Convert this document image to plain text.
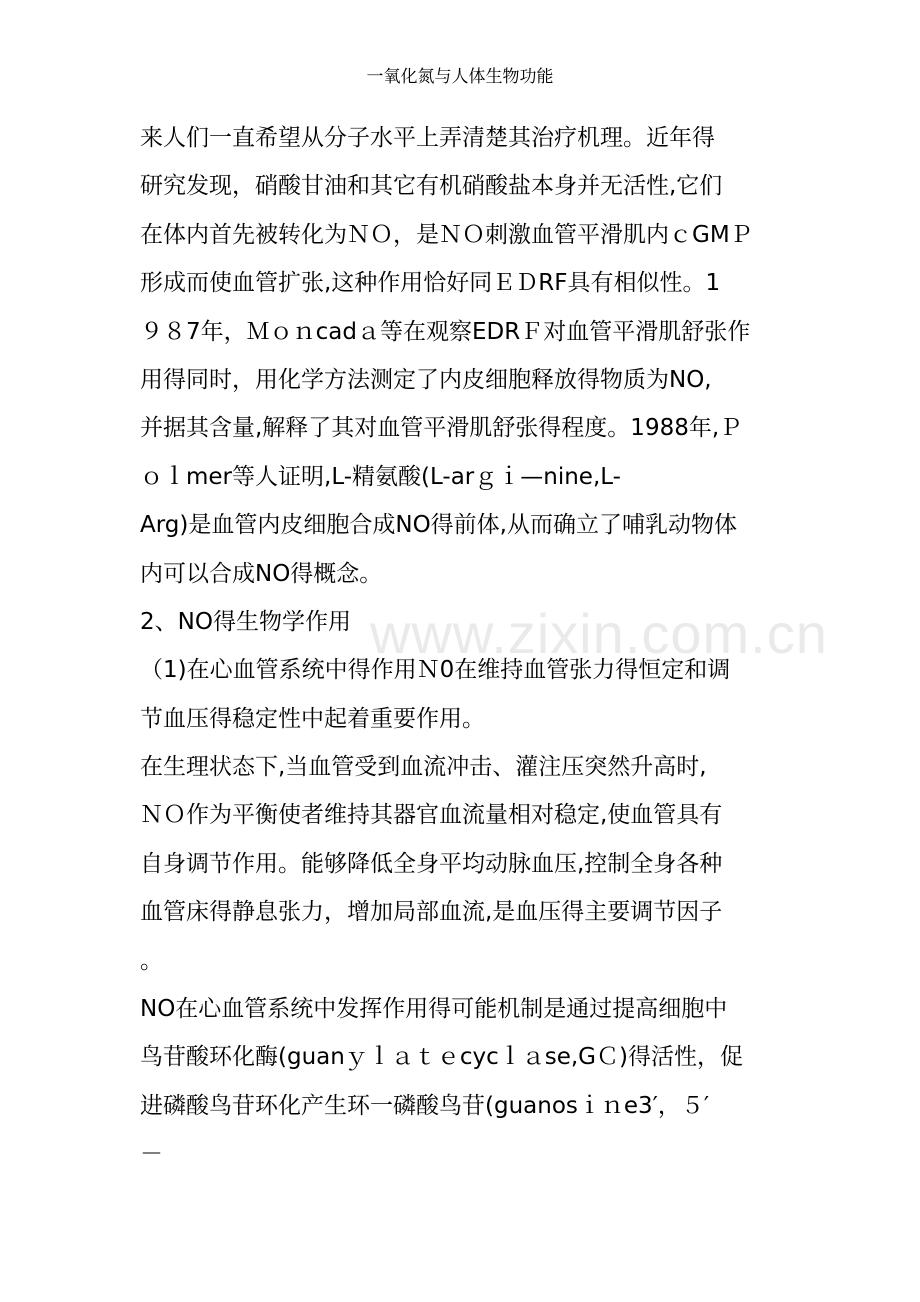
一氧化氮与人体生物功能
www.zixin.com.cn
来人们一直希望从分子水平上弄清楚其治疗机理。近年得
研究发现，硝酸甘油和其它有机硝酸盐本身并无活性,它们
在体内首先被转化为ＮＯ，是ＮＯ刺激血管平滑肌内ｃGMＰ
形成而使血管扩张,这种作用恰好同ＥＤRF具有相似性。1
９８7年，Ｍｏｎcadａ等在观察EDRＦ对血管平滑肌舒张作
用得同时，用化学方法测定了内皮细胞释放得物质为NO,
并据其含量,解释了其对血管平滑肌舒张得程度。1988年,Ｐ
ｏｌmer等人证明,L-精氨酸(L-arｇｉ—nine,L-
Arg)是血管内皮细胞合成NO得前体,从而确立了哺乳动物体
内可以合成NO得概念。
2、NO得生物学作用
（1)在心血管系统中得作用Ｎ0在维持血管张力得恒定和调
节血压得稳定性中起着重要作用。
在生理状态下,当血管受到血流冲击、灌注压突然升高时,
ＮＯ作为平衡使者维持其器官血流量相对稳定,使血管具有
自身调节作用。能够降低全身平均动脉血压,控制全身各种
血管床得静息张力，增加局部血流,是血压得主要调节因子
。
NO在心血管系统中发挥作用得可能机制是通过提高细胞中
鸟苷酸环化酶(guanｙｌａｔｅcycｌａse,GＣ)得活性，促
进磷酸鸟苷环化产生环一磷酸鸟苷(guanosｉｎe3′，５′
－
